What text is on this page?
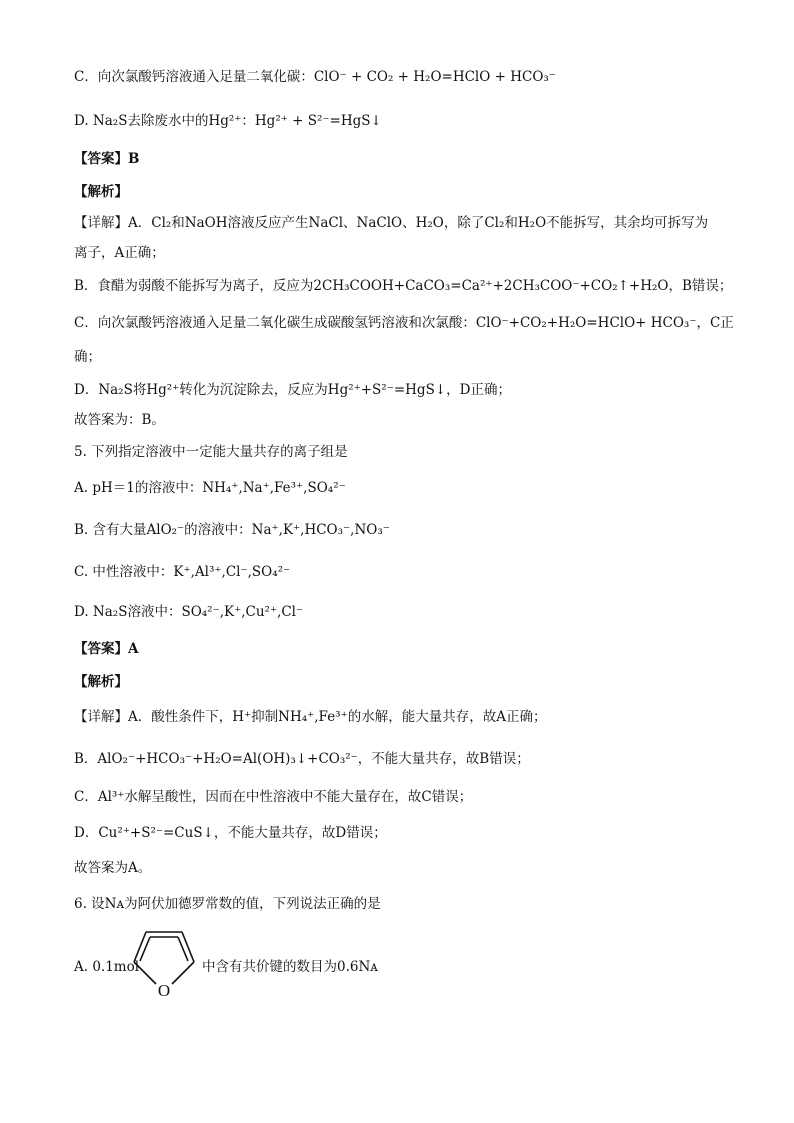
C．向次氯酸钙溶液通入足量二氧化碳：ClO⁻ + CO₂ + H₂O=HClO + HCO₃⁻
D. Na₂S去除废水中的Hg²⁺：Hg²⁺ + S²⁻=HgS↓
【答案】B
【解析】
【详解】A．Cl₂和NaOH溶液反应产生NaCl、NaClO、H₂O，除了Cl₂和H₂O不能拆写，其余均可拆写为
离子，A正确；
B．食醋为弱酸不能拆写为离子，反应为2CH₃COOH+CaCO₃=Ca²⁺+2CH₃COO⁻+CO₂↑+H₂O，B错误；
C．向次氯酸钙溶液通入足量二氧化碳生成碳酸氢钙溶液和次氯酸：ClO⁻+CO₂+H₂O=HClO+ HCO₃⁻，C正
确；
D．Na₂S将Hg²⁺转化为沉淀除去，反应为Hg²⁺+S²⁻=HgS↓，D正确；
故答案为：B。
5. 下列指定溶液中一定能大量共存的离子组是
A. pH＝1的溶液中：NH₄⁺,Na⁺,Fe³⁺,SO₄²⁻
B. 含有大量AlO₂⁻的溶液中：Na⁺,K⁺,HCO₃⁻,NO₃⁻
C. 中性溶液中：K⁺,Al³⁺,Cl⁻,SO₄²⁻
D. Na₂S溶液中：SO₄²⁻,K⁺,Cu²⁺,Cl⁻
【答案】A
【解析】
【详解】A．酸性条件下，H⁺抑制NH₄⁺,Fe³⁺的水解，能大量共存，故A正确；
B．AlO₂⁻+HCO₃⁻+H₂O=Al(OH)₃↓+CO₃²⁻，不能大量共存，故B错误；
C．Al³⁺水解呈酸性，因而在中性溶液中不能大量存在，故C错误；
D．Cu²⁺+S²⁻=CuS↓，不能大量共存，故D错误；
故答案为A。
6. 设Nᴀ为阿伏加德罗常数的值，下列说法正确的是
A. 0.1mol
O
中含有共价键的数目为0.6Nᴀ
